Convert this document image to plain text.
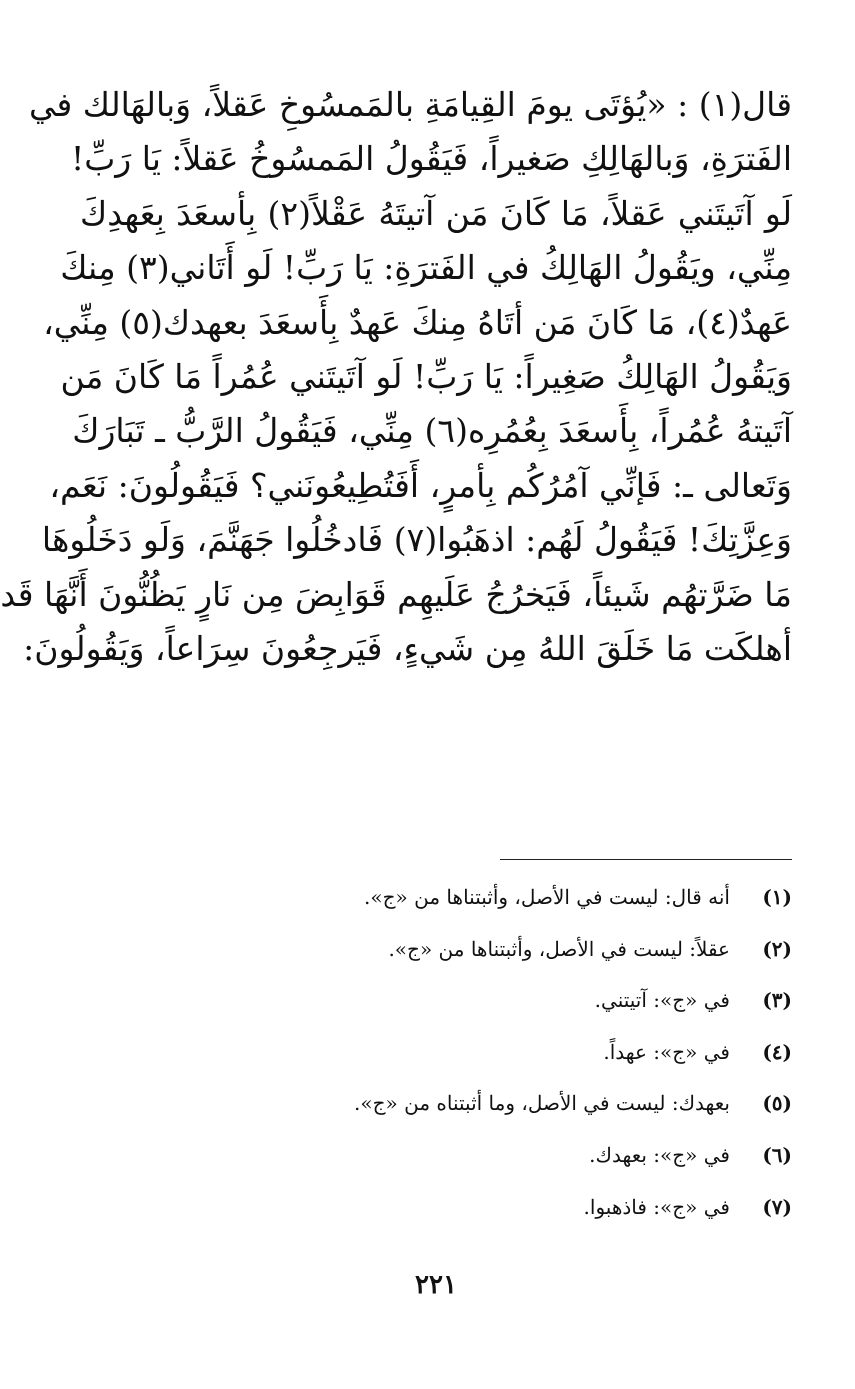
قال(١) : «يُؤتَى يومَ القِيامَةِ بالمَمسُوخِ عَقلاً، وَبالهَالك في
الفَترَةِ، وَبالهَالِكِ صَغيراً، فَيَقُولُ المَمسُوخُ عَقلاً: يَا رَبِّ!
لَو آتَيتَني عَقلاً، مَا كَانَ مَن آتيتَهُ عَقْلاً(٢) بِأسعَدَ بِعَهدِكَ
مِنِّي، ويَقُولُ الهَالِكُ في الفَترَةِ: يَا رَبِّ! لَو أَتَاني(٣) مِنكَ
عَهدٌ(٤)، مَا كَانَ مَن أتَاهُ مِنكَ عَهدٌ بِأَسعَدَ بعهدك(٥) مِنِّي،
وَيَقُولُ الهَالِكُ صَغِيراً: يَا رَبِّ! لَو آتَيتَني عُمُراً مَا كَانَ مَن
آتَيتهُ عُمُراً، بِأَسعَدَ بِعُمُرِه(٦) مِنِّي، فَيَقُولُ الرَّبُّ ـ تَبَارَكَ
وَتَعالى ـ: فَإنِّي آمُرُكُم بِأمرٍ، أَفَتُطِيعُونَني؟ فَيَقُولُونَ: نَعَم،
وَعِزَّتِكَ! فَيَقُولُ لَهُم: اذهَبُوا(٧) فَادخُلُوا جَهَنَّمَ، وَلَو دَخَلُوهَا
مَا ضَرَّتهُم شَيئاً، فَيَخرُجُ عَلَيهِم قَوَابِضَ مِن نَارٍ يَظُنُّونَ أَنَّهَا قَد
أهلكَت مَا خَلَقَ اللهُ مِن شَيءٍ، فَيَرجِعُونَ سِرَاعاً، وَيَقُولُونَ:
(١)
أنه قال: ليست في الأصل، وأثبتناها من «ج».
(٢)
عقلاً: ليست في الأصل، وأثبتناها من «ج».
(٣)
في «ج»: آتيتني.
(٤)
في «ج»: عهداً.
(٥)
بعهدك: ليست في الأصل، وما أثبتناه من «ج».
(٦)
في «ج»: بعهدك.
(٧)
في «ج»: فاذهبوا.
٢٢١
